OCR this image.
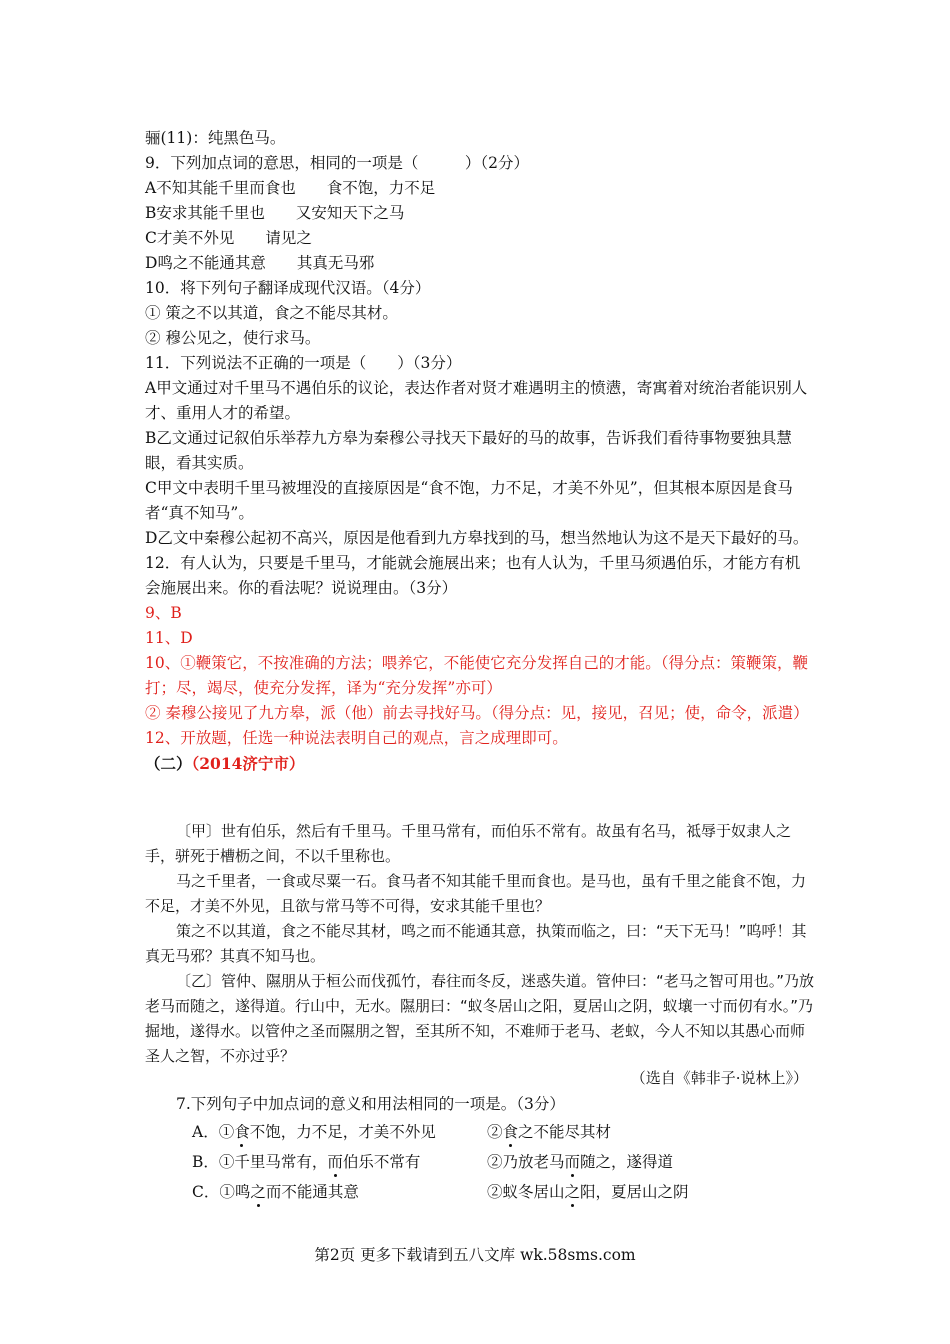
骊(11)：纯黑色马。
9．下列加点词的意思，相同的一项是（　　　）（2分）
A不知其能千里而食也　　食不饱，力不足
B安求其能千里也　　又安知天下之马
C才美不外见　　请见之
D鸣之不能通其意　　其真无马邪
10．将下列句子翻译成现代汉语。（4分）
① 策之不以其道，食之不能尽其材。
② 穆公见之，使行求马。
11．下列说法不正确的一项是（　　）（3分）
A甲文通过对千里马不遇伯乐的议论，表达作者对贤才难遇明主的愤懑，寄寓着对统治者能识别人才、重用人才的希望。
B乙文通过记叙伯乐举荐九方皋为秦穆公寻找天下最好的马的故事，告诉我们看待事物要独具慧眼，看其实质。
C甲文中表明千里马被埋没的直接原因是“食不饱，力不足，才美不外见”，但其根本原因是食马者“真不知马”。
D乙文中秦穆公起初不高兴，原因是他看到九方皋找到的马，想当然地认为这不是天下最好的马。
12．有人认为，只要是千里马，才能就会施展出来；也有人认为，千里马须遇伯乐，才能方有机会施展出来。你的看法呢？说说理由。（3分）
9、B
11、D
10、①鞭策它，不按准确的方法；喂养它，不能使它充分发挥自己的才能。（得分点：策鞭策，鞭打；尽，竭尽，使充分发挥，译为“充分发挥”亦可）
② 秦穆公接见了九方皋，派（他）前去寻找好马。（得分点：见，接见，召见；使，命令，派遣）
12、开放题，任选一种说法表明自己的观点，言之成理即可。
（二）（2014济宁市）
〔甲〕世有伯乐，然后有千里马。千里马常有，而伯乐不常有。故虽有名马，祗辱于奴隶人之手，骈死于槽枥之间，不以千里称也。
马之千里者，一食或尽粟一石。食马者不知其能千里而食也。是马也，虽有千里之能食不饱，力不足，才美不外见，且欲与常马等不可得，安求其能千里也？
策之不以其道，食之不能尽其材，鸣之而不能通其意，执策而临之，曰：“天下无马！”呜呼！其真无马邪？其真不知马也。
〔乙〕管仲、隰朋从于桓公而伐孤竹，春往而冬反，迷惑失道。管仲曰：“老马之智可用也。”乃放老马而随之，遂得道。行山中，无水。隰朋曰：“蚁冬居山之阳，夏居山之阴，蚁壤一寸而仞有水。”乃掘地，遂得水。以管仲之圣而隰朋之智，至其所不知，不难师于老马、老蚁，今人不知以其愚心而师圣人之智，不亦过乎？
（选自《韩非子·说林上》）
7.下列句子中加点词的意义和用法相同的一项是。（3分）
A．①食不饱，力不足，才美不外见	②食之不能尽其材
B．①千里马常有，而伯乐不常有	②乃放老马而随之，遂得道
C．①鸣之而不能通其意	②蚁冬居山之阳，夏居山之阴
第2页 更多下载请到五八文库 wk.58sms.com
